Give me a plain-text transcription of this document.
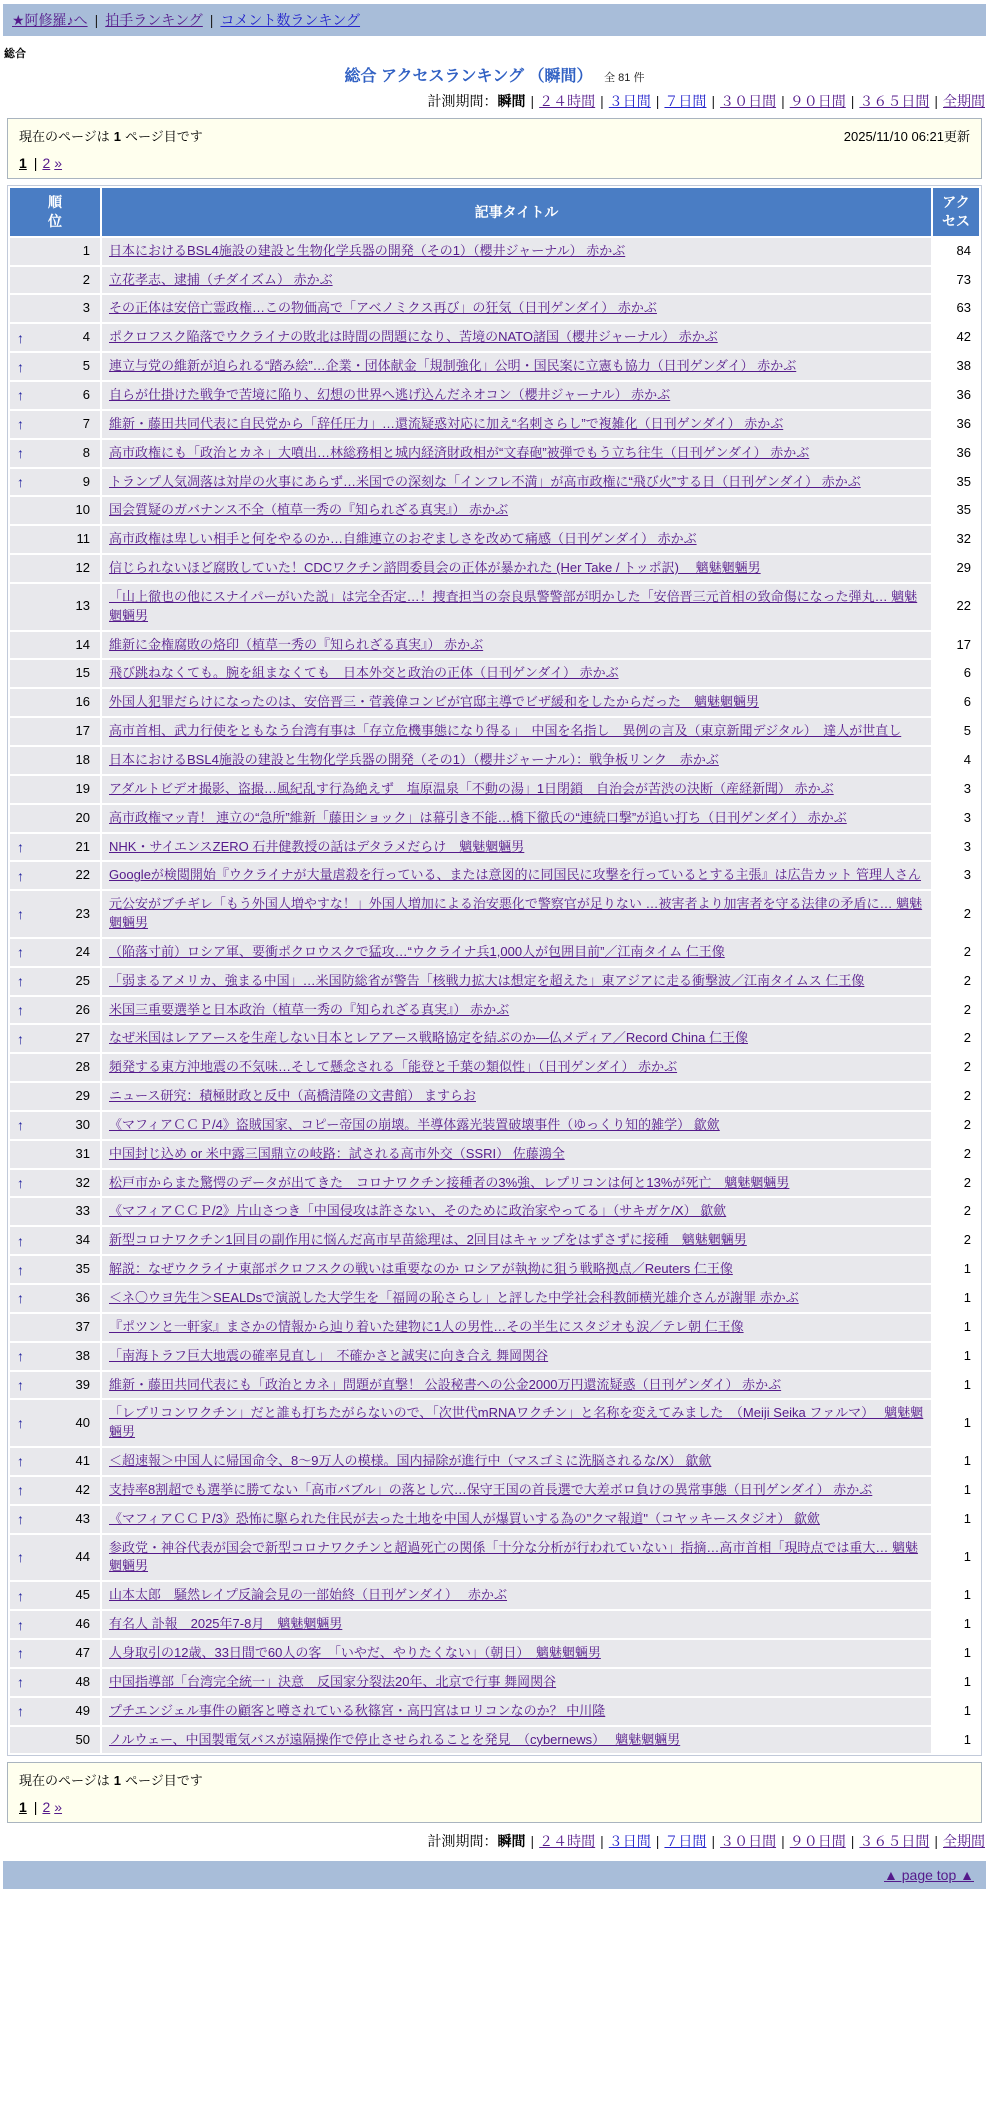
★阿修羅♪へ | 拍手ランキング | コメント数ランキング
総合
総合 アクセスランキング （瞬間） 全 81 件
計測期間：瞬間 | ２４時間 | ３日間 | ７日間 | ３０日間 | ９０日間 | ３６５日間 | 全期間
現在のページは 1 ページ目です	2025/11/10 06:21更新
1 | 2 »
順位	記事タイトル	アクセス
1	日本におけるBSL4施設の建設と生物化学兵器の開発（その1）（櫻井ジャーナル） 赤かぶ	84
2	立花孝志、逮捕（チダイズム） 赤かぶ	73
3	その正体は安倍亡霊政権…この物価高で「アベノミクス再び」の狂気（日刊ゲンダイ） 赤かぶ	63

↑ 4	ポクロフスク陥落でウクライナの敗北は時間の問題になり、苦境のNATO諸国（櫻井ジャーナル） 赤かぶ	42

↑ 5	連立与党の維新が迫られる“踏み絵”…企業・団体献金「規制強化」公明・国民案に立憲も協力（日刊ゲンダイ） 赤かぶ	38

↑ 6	自らが仕掛けた戦争で苦境に陥り、幻想の世界へ逃げ込んだネオコン（櫻井ジャーナル） 赤かぶ	36

↑ 7	維新・藤田共同代表に自民党から「辞任圧力」…還流疑惑対応に加え“名刺さらし”で複雑化（日刊ゲンダイ） 赤かぶ	36

↑ 8	高市政権にも「政治とカネ」大噴出…林総務相と城内経済財政相が“文春砲”被弾でもう立ち往生（日刊ゲンダイ） 赤かぶ	36

↑ 9	トランプ人気凋落は対岸の火事にあらず…米国での深刻な「インフレ不満」が高市政権に“飛び火”する日（日刊ゲンダイ） 赤かぶ	35
10	国会質疑のガバナンス不全（植草一秀の『知られざる真実』） 赤かぶ	35
11	高市政権は卑しい相手と何をやるのか…自維連立のおぞましさを改めて痛感（日刊ゲンダイ） 赤かぶ	32
12	信じられないほど腐敗していた！CDCワクチン諮問委員会の正体が暴かれた (Her Take / トッポ訳)　 魑魅魍魎男	29
13	「山上徹也の他にスナイパーがいた説」は完全否定…！捜査担当の奈良県警警部が明かした「安倍晋三元首相の致命傷になった弾丸… 魑魅魍魎男	22
14	維新に金権腐敗の烙印（植草一秀の『知られざる真実』） 赤かぶ	17
15	飛び跳ねなくても。腕を組まなくても　日本外交と政治の正体（日刊ゲンダイ） 赤かぶ	6
16	外国人犯罪だらけになったのは、安倍晋三・菅義偉コンビが官邸主導でビザ緩和をしたからだった　魑魅魍魎男	6
17	高市首相、武力行使をともなう台湾有事は「存立危機事態になり得る」　中国を名指し　異例の言及（東京新聞デジタル）　達人が世直し	5
18	日本におけるBSL4施設の建設と生物化学兵器の開発（その1）（櫻井ジャーナル）：戦争板リンク　赤かぶ	4
19	アダルトビデオ撮影、盗撮…風紀乱す行為絶えず　塩原温泉「不動の湯」1日閉鎖　自治会が苦渋の決断（産経新聞） 赤かぶ	3
20	高市政権マッ青！ 連立の“急所”維新「藤田ショック」は幕引き不能…橋下徹氏の“連続口撃”が追い打ち（日刊ゲンダイ） 赤かぶ	3

↑ 21	NHK・サイエンスZERO 石井健教授の話はデタラメだらけ　魑魅魍魎男	3

↑ 22	Googleが検閲開始『ウクライナが大量虐殺を行っている、または意図的に同国民に攻撃を行っているとする主張』は広告カット 管理人さん	3

↑ 23	元公安がブチギレ「もう外国人増やすな！」外国人増加による治安悪化で警察官が足りない …被害者より加害者を守る法律の矛盾に… 魑魅魍魎男	2

↑ 24	（陥落寸前）ロシア軍、要衝ポクロウスクで猛攻…“ウクライナ兵1,000人が包囲目前”／江南タイム 仁王像	2

↑ 25	「弱まるアメリカ、強まる中国」…米国防総省が警告「核戦力拡大は想定を超えた」東アジアに走る衝撃波／江南タイムス 仁王像	2

↑ 26	米国三重要選挙と日本政治（植草一秀の『知られざる真実』） 赤かぶ	2

↑ 27	なぜ米国はレアアースを生産しない日本とレアアース戦略協定を結ぶのか―仏メディア／Record China 仁王像	2
28	頻発する東方沖地震の不気味…そして懸念される「能登と千葉の類似性」（日刊ゲンダイ） 赤かぶ	2
29	ニュース研究：積極財政と反中（高橋清隆の文書館） ますらお	2

↑ 30	《マフィアＣＣＰ/4》盗賊国家、コピー帝国の崩壊。半導体露光装置破壊事件（ゆっくり知的雑学） 歙歛	2
31	中国封じ込め or 米中露三国鼎立の岐路：試される高市外交（SSRI） 佐藤鴻全	2

↑ 32	松戸市からまた驚愕のデータが出てきた　コロナワクチン接種者の3%強、レプリコンは何と13%が死亡　魑魅魍魎男	2
33	《マフィアＣＣＰ/2》片山さつき「中国侵攻は許さない、そのために政治家やってる」（サキガケ/X） 歙歛	2

↑ 34	新型コロナワクチン1回目の副作用に悩んだ高市早苗総理は、2回目はキャップをはずさずに接種　魑魅魍魎男	2

↑ 35	解説：なぜウクライナ東部ポクロフスクの戦いは重要なのか ロシアが執拗に狙う戦略拠点／Reuters 仁王像	1

↑ 36	＜ネ〇ウヨ先生＞SEALDsで演説した大学生を「福岡の恥さらし」と評した中学社会科教師横光雄介さんが謝罪 赤かぶ	1
37	『ポツンと一軒家』まさかの情報から辿り着いた建物に1人の男性…その半生にスタジオも涙／テレ朝 仁王像	1

↑ 38	「南海トラフ巨大地震の確率見直し」　不確かさと誠実に向き合え 舞岡関谷	1

↑ 39	維新・藤田共同代表にも「政治とカネ」問題が直撃！ 公設秘書への公金2000万円還流疑惑（日刊ゲンダイ） 赤かぶ	1

↑ 40	「レプリコンワクチン」だと誰も打ちたがらないので、「次世代mRNAワクチン」と名称を変えてみました　（Meiji Seika ファルマ）　 魑魅魍魎男	1

↑ 41	＜超速報＞中国人に帰国命令、8～9万人の模様。国内掃除が進行中（マスゴミに洗脳されるな/X） 歙歛	1

↑ 42	支持率8割超でも選挙に勝てない「高市バブル」の落とし穴…保守王国の首長選で大差ボロ負けの異常事態（日刊ゲンダイ） 赤かぶ	1

↑ 43	《マフィアＣＣＰ/3》恐怖に駆られた住民が去った土地を中国人が爆買いする為の"クマ報道"（コヤッキースタジオ） 歙歛	1

↑ 44	参政党・神谷代表が国会で新型コロナワクチンと超過死亡の関係「十分な分析が行われていない」指摘…高市首相「現時点では重大… 魑魅魍魎男	1

↑ 45	山本太郎　騒然レイプ反論会見の一部始終（日刊ゲンダイ）　 赤かぶ	1

↑ 46	有名人 訃報　2025年7-8月　魑魅魍魎男	1

↑ 47	人身取引の12歳、33日間で60人の客　「いやだ、やりたくない」（朝日）　魑魅魍魎男	1

↑ 48	中国指導部「台湾完全統一」決意　反国家分裂法20年、北京で行事 舞岡関谷	1

↑ 49	プチエンジェル事件の顧客と噂されている秋篠宮・高円宮はロリコンなのか？ 中川隆	1
50	ノルウェー、中国製電気バスが遠隔操作で停止させられることを発見　（cybernews）　 魑魅魍魎男	1
現在のページは 1 ページ目です
1 | 2 »
計測期間：瞬間 | ２４時間 | ３日間 | ７日間 | ３０日間 | ９０日間 | ３６５日間 | 全期間
▲ page top ▲
